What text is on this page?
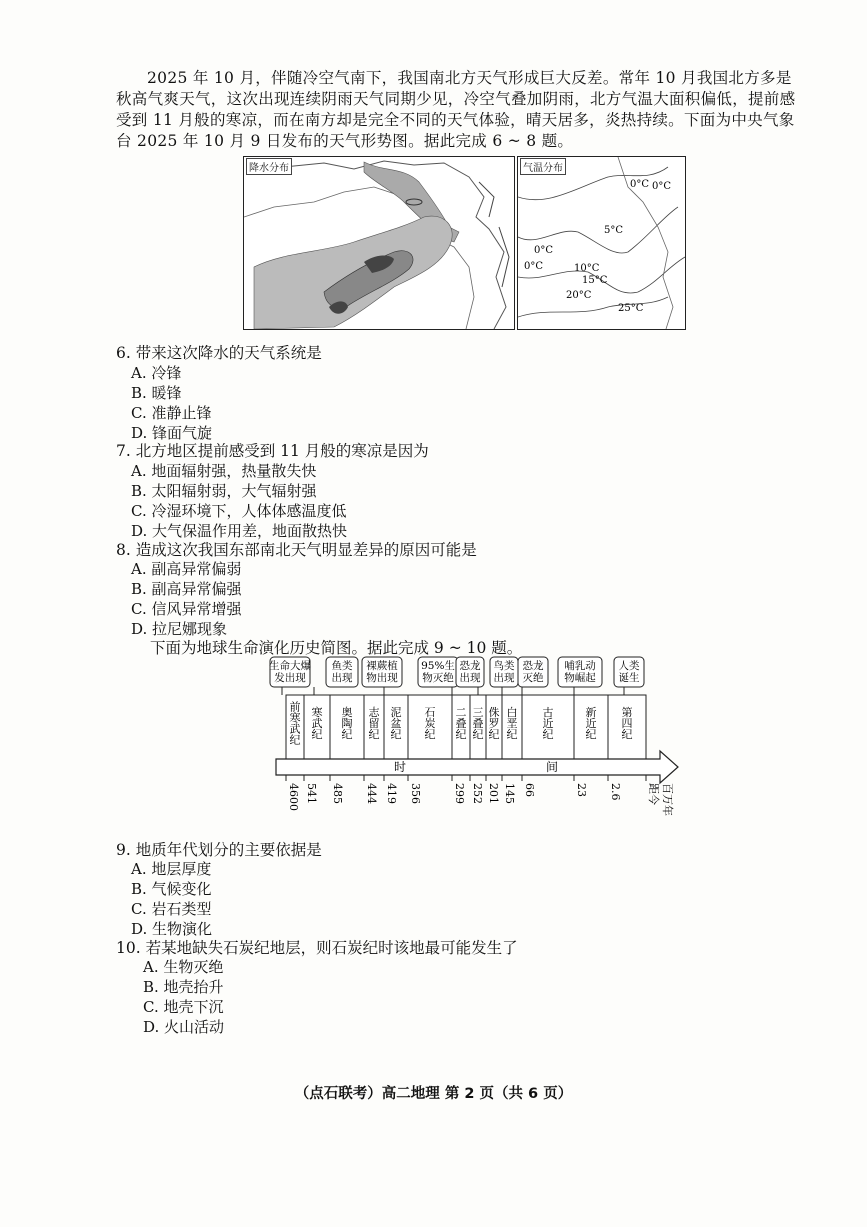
2025 年 10 月，伴随冷空气南下，我国南北方天气形成巨大反差。常年 10 月我国北方多是秋高气爽天气，这次出现连续阴雨天气同期少见，冷空气叠加阴雨，北方气温大面积偏低，提前感受到 11 月般的寒凉，而在南方却是完全不同的天气体验，晴天居多，炎热持续。下面为中央气象台 2025 年 10 月 9 日发布的天气形势图。据此完成 6 ~ 8 题。

降水分布	气温分布
0°C 0°C
5°C
0°C
0°C	10°C
15°C
20°C
25°C

6. 带来这次降水的天气系统是

A. 冷锋

B. 暖锋

C. 准静止锋

D. 锋面气旋

7. 北方地区提前感受到 11 月般的寒凉是因为

A. 地面辐射强，热量散失快

B. 太阳辐射弱，大气辐射强

C. 冷湿环境下，人体体感温度低

D. 大气保温作用差，地面散热快

8. 造成这次我国东部南北天气明显差异的原因可能是

A. 副高异常偏弱

B. 副高异常偏强

C. 信风异常增强

D. 拉尼娜现象

下面为地球生命演化历史简图。据此完成 9 ~ 10 题。

生命大爆
发出现
鱼类
出现
裸蕨植
物出现
95%生
物灭绝
恐龙
出现
鸟类
出现
恐龙
灭绝
哺乳动
物崛起
人类
诞生
前
寒
武
纪
寒
武
纪
奥
陶
纪
志
留
纪
泥
盆
纪
石
炭
纪
二
叠
纪
三
叠
纪
侏
罗
纪
白
垩
纪
古
近
纪
新
近
纪
第
四
纪
时	间
4600 541 485 444 419 356	299 252 201 145 66	23 2.6 距今 百万年

9. 地质年代划分的主要依据是

A. 地层厚度

B. 气候变化

C. 岩石类型

D. 生物演化

10. 若某地缺失石炭纪地层，则石炭纪时该地最可能发生了

A. 生物灭绝

B. 地壳抬升

C. 地壳下沉

D. 火山活动

（点石联考）高二地理 第 2 页（共 6 页）
